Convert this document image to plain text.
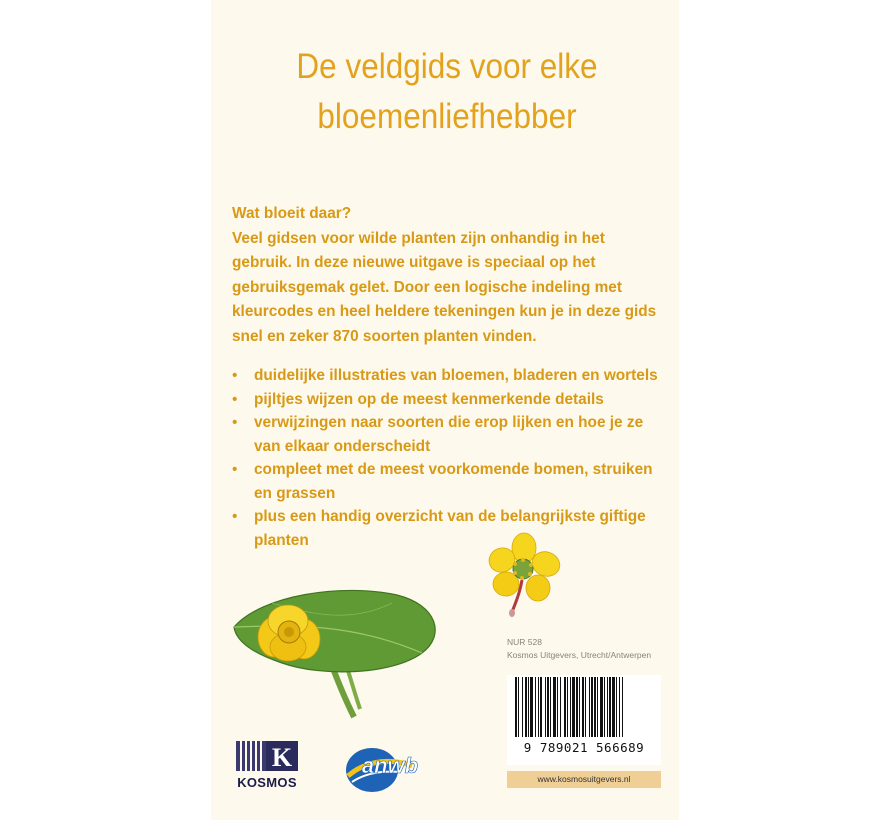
De veldgids voor elke
bloemenliefhebber

Wat bloeit daar?

Veel gidsen voor wilde planten zijn onhandig in het

gebruik. In deze nieuwe uitgave is speciaal op het

gebruiksgemak gelet. Door een logische indeling met

kleurcodes en heel heldere tekeningen kun je in deze gids

snel en zeker 870 soorten planten vinden.

• duidelijke illustraties van bloemen, bladeren en wortels
• pijltjes wijzen op de meest kenmerkende details
• verwijzingen naar soorten die erop lijken en hoe je ze
van elkaar onderscheidt
• compleet met de meest voorkomende bomen, struiken
en grassen
• plus een handig overzicht van de belangrijkste giftige
planten
NUR 528
Kosmos Uitgevers, Utrecht/Antwerpen
9 789021 566689
www.kosmosuitgevers.nl
K
KOSMOS
anwb
